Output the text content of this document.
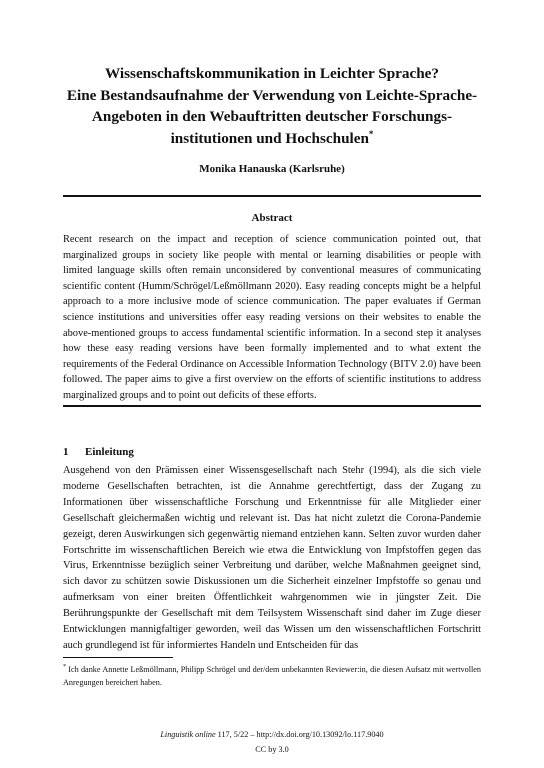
Wissenschaftskommunikation in Leichter Sprache?
Eine Bestandsaufnahme der Verwendung von Leichte-Sprache-
Angeboten in den Webauftritten deutscher Forschungs-
institutionen und Hochschulen*
Monika Hanauska (Karlsruhe)
Abstract
Recent research on the impact and reception of science communication pointed out, that marginalized groups in society like people with mental or learning disabilities or people with limited language skills often remain unconsidered by conventional measures of communicating scientific content (Humm/Schrögel/Leßmöllmann 2020). Easy reading concepts might be a helpful approach to a more inclusive mode of science communication. The paper evaluates if German science institutions and universities offer easy reading versions on their websites to enable the above-mentioned groups to access fundamental scientific information. In a second step it analyses how these easy reading versions have been formally implemented and to what extent the requirements of the Federal Ordinance on Accessible Information Technology (BITV 2.0) have been followed. The paper aims to give a first overview on the efforts of scientific institutions to address marginalized groups and to point out deficits of these efforts.
1 Einleitung
Ausgehend von den Prämissen einer Wissensgesellschaft nach Stehr (1994), als die sich viele moderne Gesellschaften betrachten, ist die Annahme gerechtfertigt, dass der Zugang zu Informationen über wissenschaftliche Forschung und Erkenntnisse für alle Mitglieder einer Gesellschaft gleichermaßen wichtig und relevant ist. Das hat nicht zuletzt die Corona-Pandemie gezeigt, deren Auswirkungen sich gegenwärtig niemand entziehen kann. Selten zuvor wurden daher Fortschritte im wissenschaftlichen Bereich wie etwa die Entwicklung von Impfstoffen gegen das Virus, Erkenntnisse bezüglich seiner Verbreitung und darüber, welche Maßnahmen geeignet sind, sich davor zu schützen sowie Diskussionen um die Sicherheit einzelner Impfstoffe so genau und aufmerksam von einer breiten Öffentlichkeit wahrgenommen wie in jüngster Zeit. Die Berührungspunkte der Gesellschaft mit dem Teilsystem Wissenschaft sind daher im Zuge dieser Entwicklungen mannigfaltiger geworden, weil das Wissen um den wissenschaftlichen Fortschritt auch grundlegend ist für informiertes Handeln und Entscheiden für das
* Ich danke Annette Leßmöllmann, Philipp Schrögel und der/dem unbekannten Reviewer:in, die diesen Aufsatz mit wertvollen Anregungen bereichert haben.
Linguistik online 117, 5/22 – http://dx.doi.org/10.13092/lo.117.9040
CC by 3.0
